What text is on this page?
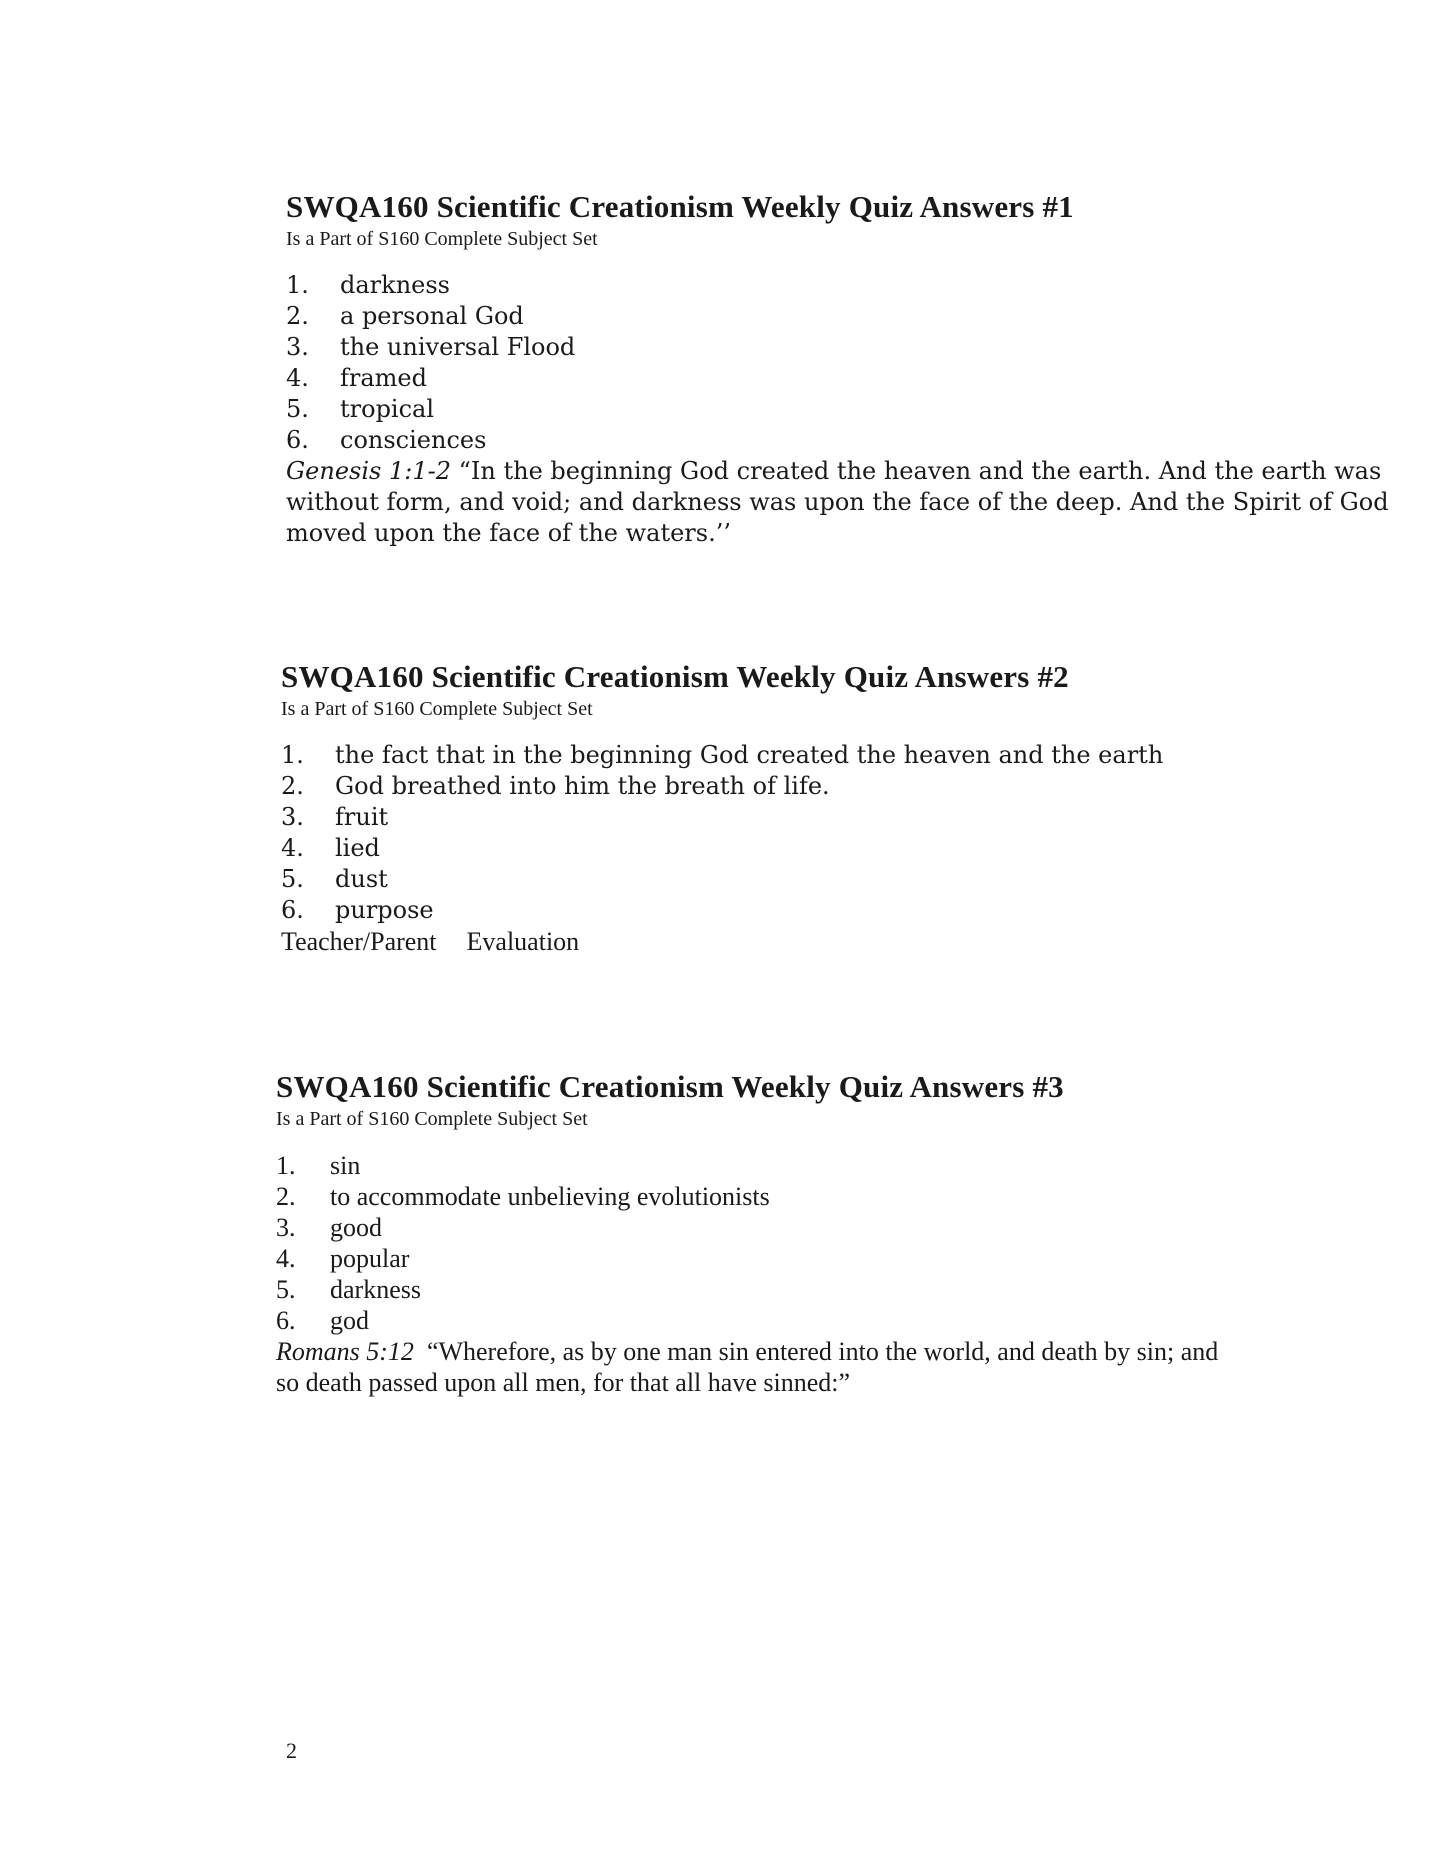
SWQA160 Scientific Creationism Weekly Quiz Answers #1

Is a Part of S160 Complete Subject Set

1.	darkness
2.	a personal God
3.	the universal Flood
4.	framed
5.	tropical
6.	consciences

Genesis 1:1-2 “In the beginning God created the heaven and the earth. And the earth was without form, and void; and darkness was upon the face of the deep. And the Spirit of God moved upon the face of the waters.’’

SWQA160 Scientific Creationism Weekly Quiz Answers #2

Is a Part of S160 Complete Subject Set

1.	the fact that in the beginning God created the heaven and the earth
2.	God breathed into him the breath of life.
3.	fruit
4.	lied
5.	dust
6.	purpose
Teacher/Parent Evaluation
SWQA160 Scientific Creationism Weekly Quiz Answers #3

Is a Part of S160 Complete Subject Set

1.	sin
2.	to accommodate unbelieving evolutionists
3.	good
4.	popular
5.	darkness
6.	god

Romans 5:12 “Wherefore, as by one man sin entered into the world, and death by sin; and so death passed upon all men, for that all have sinned:”

2
